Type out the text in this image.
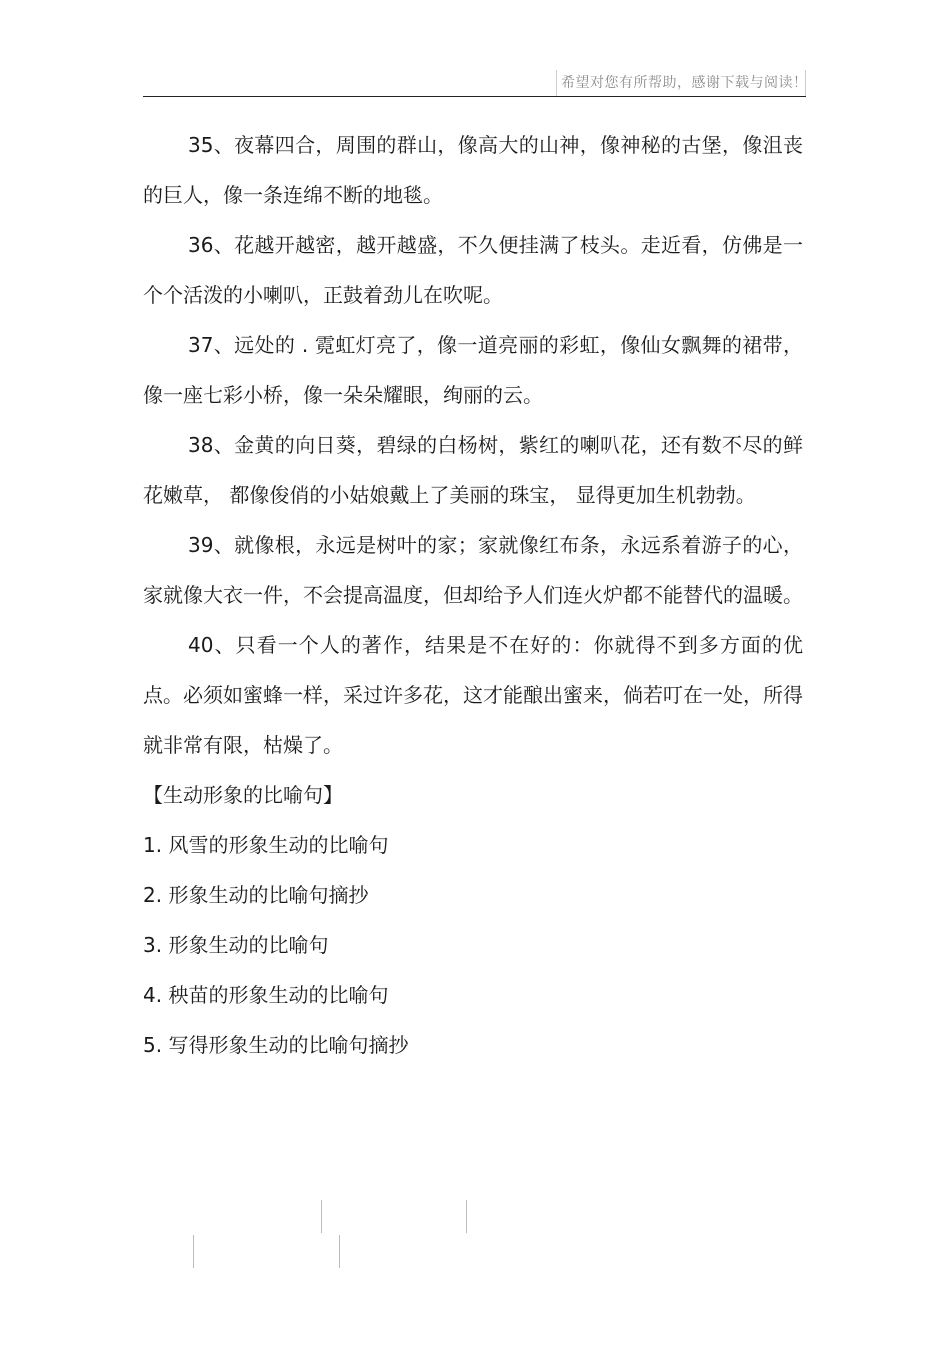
希望对您有所帮助，感谢下载与阅读！

35、夜幕四合，周围的群山，像高大的山神，像神秘的古堡，像沮丧的巨人，像一条连绵不断的地毯。

36、花越开越密，越开越盛，不久便挂满了枝头。走近看，仿佛是一个个活泼的小喇叭，正鼓着劲儿在吹呢。

37、远处的 . 霓虹灯亮了，像一道亮丽的彩虹，像仙女飘舞的裙带，像一座七彩小桥，像一朵朵耀眼，绚丽的云。

38、金黄的向日葵，碧绿的白杨树，紫红的喇叭花，还有数不尽的鲜花嫩草， 都像俊俏的小姑娘戴上了美丽的珠宝， 显得更加生机勃勃。

39、就像根，永远是树叶的家；家就像红布条，永远系着游子的心，家就像大衣一件，不会提高温度，但却给予人们连火炉都不能替代的温暖。

40、只看一个人的著作，结果是不在好的：你就得不到多方面的优点。必须如蜜蜂一样，采过许多花，这才能酿出蜜来，倘若叮在一处，所得就非常有限，枯燥了。

【生动形象的比喻句】

1. 风雪的形象生动的比喻句

2. 形象生动的比喻句摘抄

3. 形象生动的比喻句

4. 秧苗的形象生动的比喻句

5. 写得形象生动的比喻句摘抄
